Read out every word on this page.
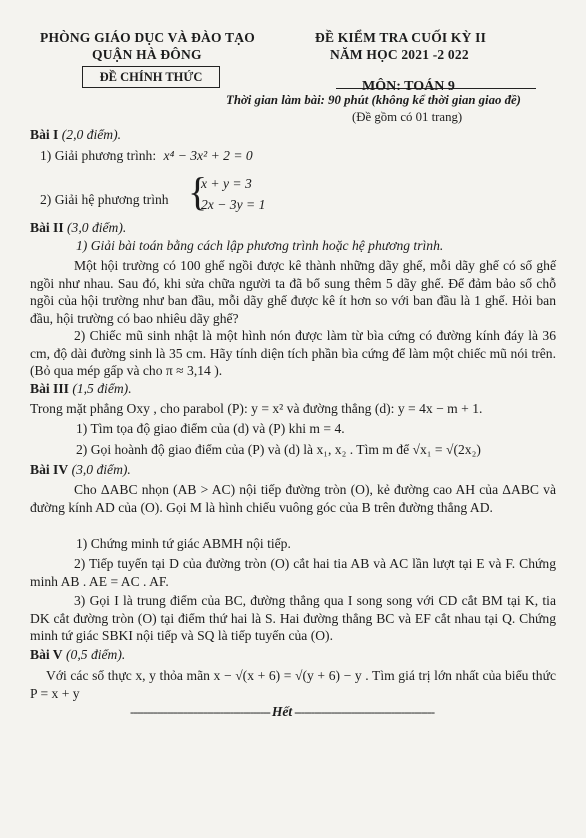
PHÒNG GIÁO DỤC VÀ ĐÀO TẠO
QUẬN HÀ ĐÔNG
ĐỀ CHÍNH THỨC
ĐỀ KIỂM TRA CUỐI KỲ II
NĂM HỌC 2021 -2 022
MÔN: TOÁN 9
Thời gian làm bài: 90 phút (không kể thời gian giao đề)
(Đề gồm có 01 trang)
Bài I (2,0 điểm).
1) Giải phương trình: x⁴ − 3x² + 2 = 0
2) Giải hệ phương trình {
x + y = 3
2x − 3y = 1
Bài II (3,0 điểm).
1) Giải bài toán bằng cách lập phương trình hoặc hệ phương trình.
Một hội trường có 100 ghế ngồi được kê thành những dãy ghế, mỗi dãy ghế có số ghế ngồi như nhau. Sau đó, khi sửa chữa người ta đã bổ sung thêm 5 dãy ghế. Để đảm bảo số chỗ ngồi của hội trường như ban đầu, mỗi dãy ghế được kê ít hơn so với ban đầu là 1 ghế. Hỏi ban đầu, hội trường có bao nhiêu dãy ghế?
2) Chiếc mũ sinh nhật là một hình nón được làm từ bìa cứng có đường kính đáy là 36 cm, độ dài đường sinh là 35 cm. Hãy tính diện tích phần bìa cứng để làm một chiếc mũ nói trên. (Bỏ qua mép gấp và cho π ≈ 3,14 ).
Bài III (1,5 điểm).
Trong mặt phẳng Oxy , cho parabol (P): y = x² và đường thẳng (d): y = 4x − m + 1.
1) Tìm tọa độ giao điểm của (d) và (P) khi m = 4.
2) Gọi hoành độ giao điểm của (P) và (d) là x₁, x₂ . Tìm m để √x₁ = √(2x₂)
Bài IV (3,0 điểm).
Cho ΔABC nhọn (AB > AC) nội tiếp đường tròn (O), kẻ đường cao AH của ΔABC và đường kính AD của (O). Gọi M là hình chiếu vuông góc của B trên đường thẳng AD.
1) Chứng minh tứ giác ABMH nội tiếp.
2) Tiếp tuyến tại D của đường tròn (O) cắt hai tia AB và AC lần lượt tại E và F. Chứng minh AB . AE = AC . AF.
3) Gọi I là trung điểm của BC, đường thẳng qua I song song với CD cắt BM tại K, tia DK cắt đường tròn (O) tại điểm thứ hai là S. Hai đường thẳng BC và EF cắt nhau tại Q. Chứng minh tứ giác SBKI nội tiếp và SQ là tiếp tuyến của (O).
Bài V (0,5 điểm).
Với các số thực x, y thỏa mãn x − √(x + 6) = √(y + 6) − y . Tìm giá trị lớn nhất của biểu thức P = x + y
------------------------------------------ Hết ------------------------------------------
